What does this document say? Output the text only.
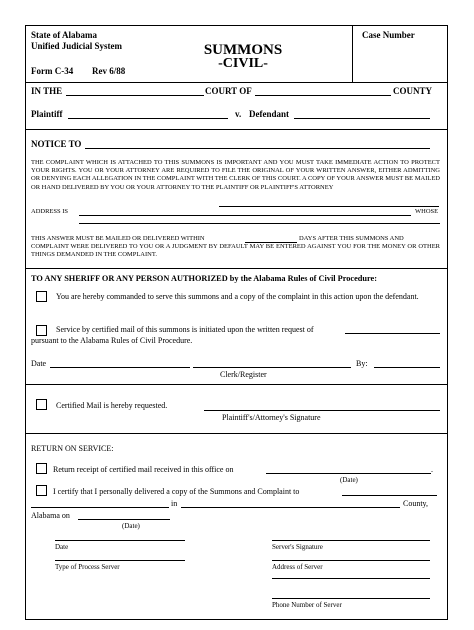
State of Alabama
Unified Judicial System
Form C-34 Rev 6/88
SUMMONS
-CIVIL-
Case Number
IN THE	COURT OF	COUNTY
Plaintiff	v. Defendant
NOTICE TO
THE COMPLAINT WHICH IS ATTACHED TO THIS SUMMONS IS IMPORTANT AND YOU MUST TAKE IMMEDIATE ACTION TO PROTECT YOUR RIGHTS. YOU OR YOUR ATTORNEY ARE REQUIRED TO FILE THE ORIGINAL OF YOUR WRITTEN ANSWER, EITHER ADMITTING OR DENYING EACH ALLEGATION IN THE COMPLAINT WITH THE CLERK OF THIS COURT. A COPY OF YOUR ANSWER MUST BE MAILED OR HAND DELIVERED BY YOU OR YOUR ATTORNEY TO THE PLAINTIFF OR PLAINTIFF'S ATTORNEY
ADDRESS IS	WHOSE
THIS ANSWER MUST BE MAILED OR DELIVERED WITHIN	DAYS AFTER THIS SUMMONS AND
COMPLAINT WERE DELIVERED TO YOU OR A JUDGMENT BY DEFAULT MAY BE ENTERED AGAINST YOU FOR THE MONEY OR OTHER THINGS DEMANDED IN THE COMPLAINT.
TO ANY SHERIFF OR ANY PERSON AUTHORIZED by the Alabama Rules of Civil Procedure:
You are hereby commanded to serve this summons and a copy of the complaint in this action upon the defendant.
Service by certified mail of this summons is initiated upon the written request of
pursuant to the Alabama Rules of Civil Procedure.
Date	By:
Clerk/Register
Certified Mail is hereby requested.
Plaintiff's/Attorney's Signature
RETURN ON SERVICE:
Return receipt of certified mail received in this office on	.
(Date)
I certify that I personally delivered a copy of the Summons and Complaint to
in	County,
Alabama on
(Date)
Date	Server's Signature
Type of Process Server	Address of Server
Phone Number of Server
